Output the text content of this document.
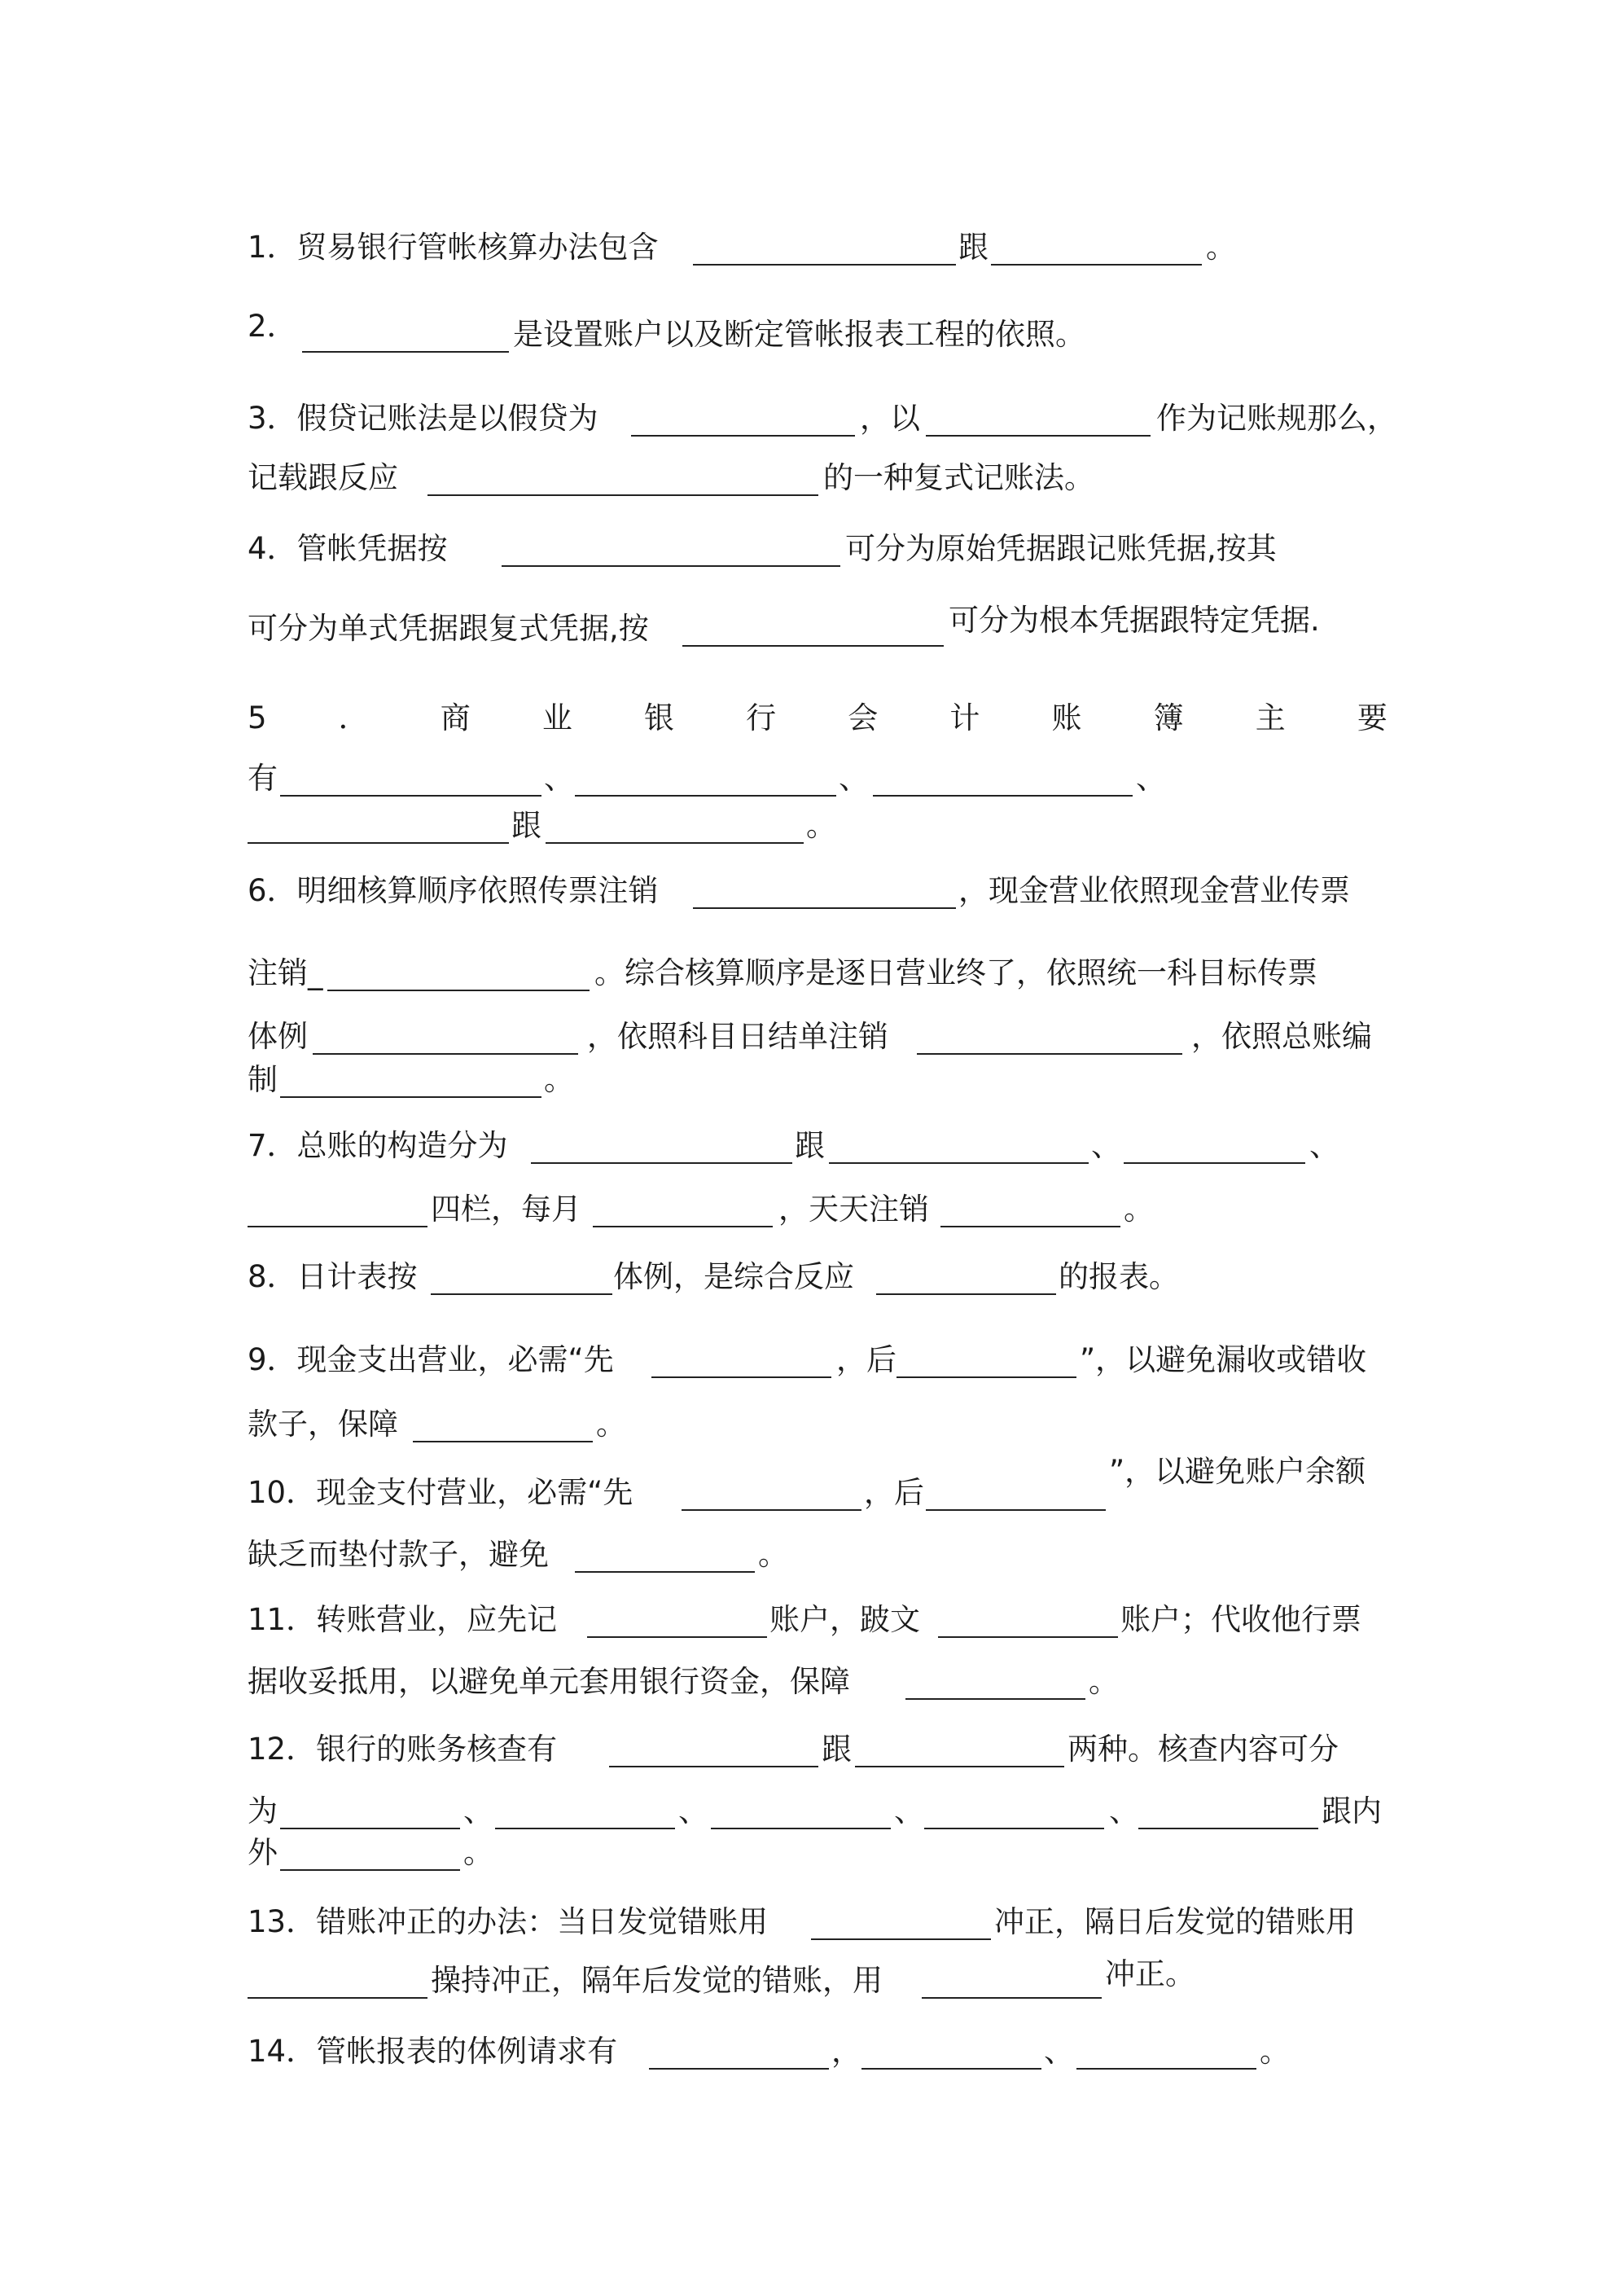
1．贸易银行管帐核算办法包含	跟	。
2．	是设置账户以及断定管帐报表工程的依照。
3．假贷记账法是以假贷为	，以	作为记账规那么，
记载跟反应	的一种复式记账法。
4．管帐凭据按	可分为原始凭据跟记账凭据,按其
可分为单式凭据跟复式凭据,按	可分为根本凭据跟特定凭据.
5 ． 商 业 银 行 会 计 账 簿 主 要
有	、	、	、
跟	。
6．明细核算顺序依照传票注销	，现金营业依照现金营业传票
注销_	。综合核算顺序是逐日营业终了，依照统一科目标传票
体例	，依照科目日结单注销	，依照总账编
制	。
7．总账的构造分为	跟	、	、
四栏，每月	，天天注销	。
8．日计表按	体例，是综合反应	的报表。
9．现金支出营业，必需“先	，后	”，以避免漏收或错收
款子，保障	。
10．现金支付营业，必需“先	，后
”，以避免账户余额
缺乏而垫付款子，避免	。
11．转账营业，应先记	账户，跛文	账户；代收他行票
据收妥抵用，以避免单元套用银行资金，保障	。
12．银行的账务核查有	跟	两种。核查内容可分
为	、	、	、	、	跟内
外	。
13．错账冲正的办法：当日发觉错账用	冲正，隔日后发觉的错账用
操持冲正，隔年后发觉的错账，用	冲正。
14．管帐报表的体例请求有	，	、	。
